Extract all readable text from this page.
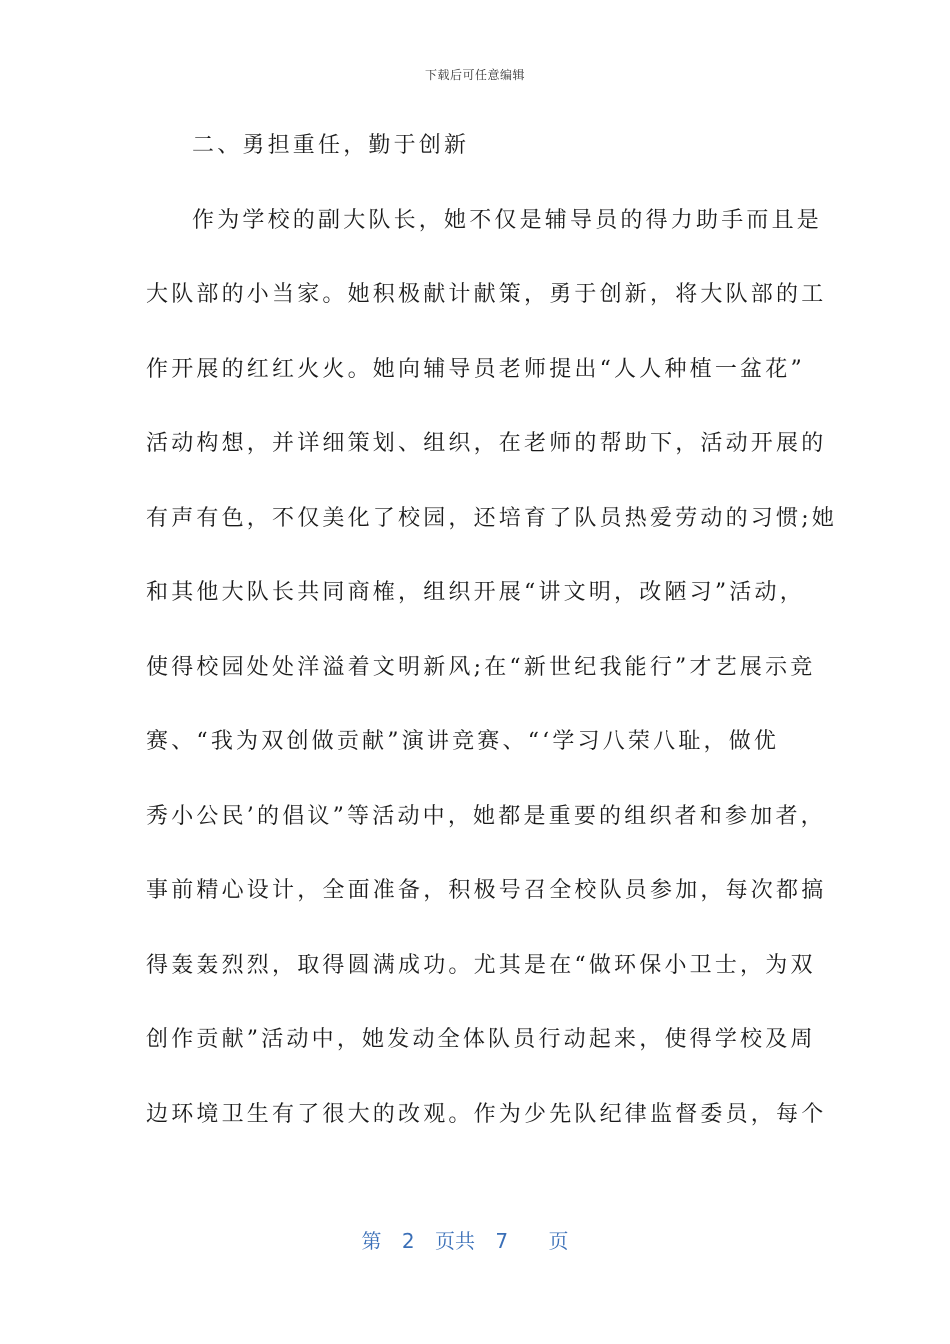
下载后可任意编辑
二、勇担重任，勤于创新
作为学校的副大队长，她不仅是辅导员的得力助手而且是
大队部的小当家。她积极献计献策，勇于创新，将大队部的工
作开展的红红火火。她向辅导员老师提出“人人种植一盆花”
活动构想，并详细策划、组织，在老师的帮助下，活动开展的
有声有色，不仅美化了校园，还培育了队员热爱劳动的习惯;她
和其他大队长共同商榷，组织开展“讲文明，改陋习”活动，
使得校园处处洋溢着文明新风;在“新世纪我能行”才艺展示竞
赛、“我为双创做贡献”演讲竞赛、“‘学习八荣八耻，做优
秀小公民’的倡议”等活动中，她都是重要的组织者和参加者，
事前精心设计，全面准备，积极号召全校队员参加，每次都搞
得轰轰烈烈，取得圆满成功。尤其是在“做环保小卫士，为双
创作贡献”活动中，她发动全体队员行动起来，使得学校及周
边环境卫生有了很大的改观。作为少先队纪律监督委员，每个
第 2 页共 7 页
